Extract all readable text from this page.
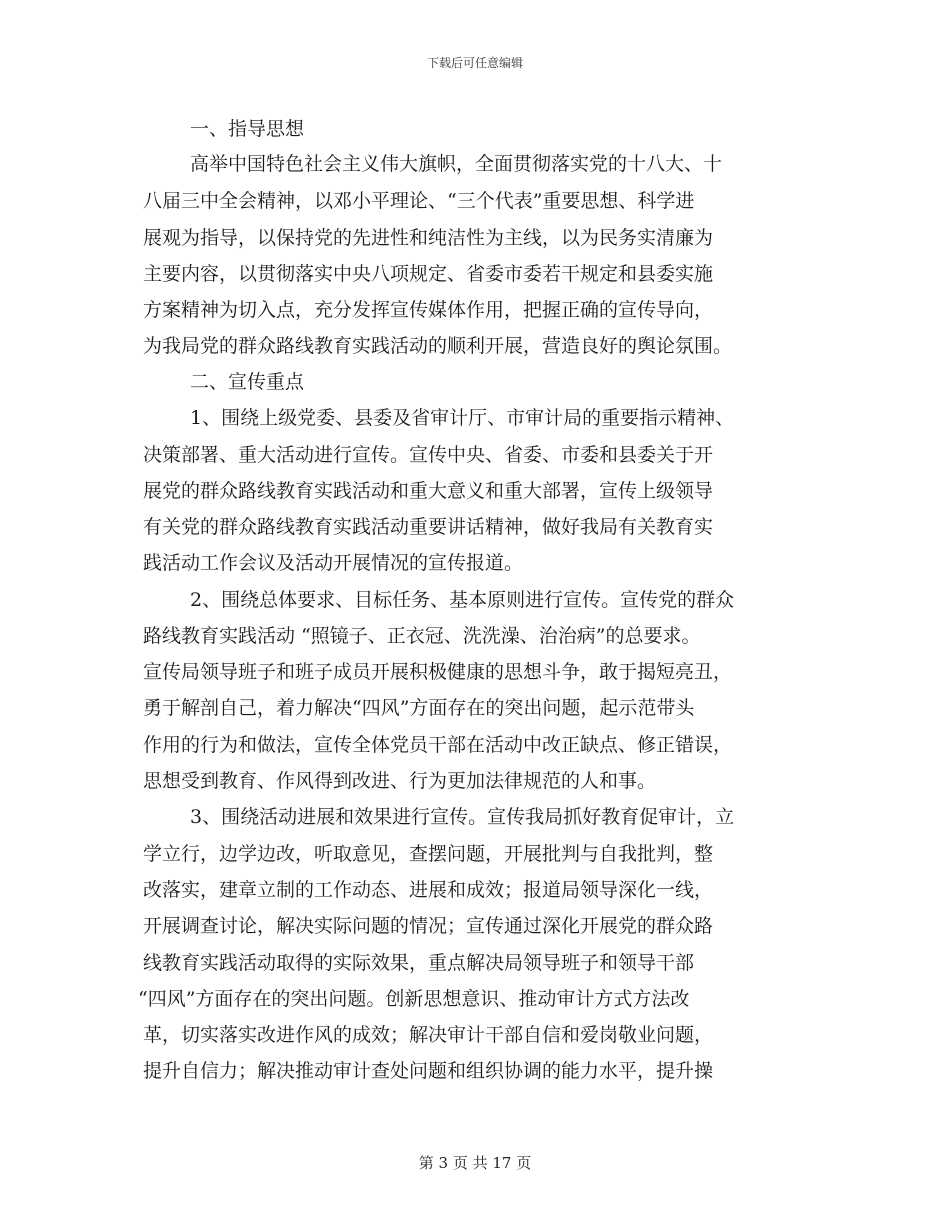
下载后可任意编辑
一、指导思想
高举中国特色社会主义伟大旗帜，全面贯彻落实党的十八大、十
八届三中全会精神，以邓小平理论、“三个代表”重要思想、科学进
展观为指导，以保持党的先进性和纯洁性为主线，以为民务实清廉为
主要内容，以贯彻落实中央八项规定、省委市委若干规定和县委实施
方案精神为切入点，充分发挥宣传媒体作用，把握正确的宣传导向，
为我局党的群众路线教育实践活动的顺利开展，营造良好的舆论氛围。
二、宣传重点
1、围绕上级党委、县委及省审计厅、市审计局的重要指示精神、
决策部署、重大活动进行宣传。宣传中央、省委、市委和县委关于开
展党的群众路线教育实践活动和重大意义和重大部署，宣传上级领导
有关党的群众路线教育实践活动重要讲话精神，做好我局有关教育实
践活动工作会议及活动开展情况的宣传报道。
2、围绕总体要求、目标任务、基本原则进行宣传。宣传党的群众
路线教育实践活动 “照镜子、正衣冠、洗洗澡、治治病”的总要求。
宣传局领导班子和班子成员开展积极健康的思想斗争，敢于揭短亮丑，
勇于解剖自己，着力解决“四风”方面存在的突出问题，起示范带头
作用的行为和做法，宣传全体党员干部在活动中改正缺点、修正错误，
思想受到教育、作风得到改进、行为更加法律规范的人和事。
3、围绕活动进展和效果进行宣传。宣传我局抓好教育促审计，立
学立行，边学边改，听取意见，查摆问题，开展批判与自我批判，整
改落实，建章立制的工作动态、进展和成效；报道局领导深化一线，
开展调查讨论，解决实际问题的情况；宣传通过深化开展党的群众路
线教育实践活动取得的实际效果，重点解决局领导班子和领导干部
“四风”方面存在的突出问题。创新思想意识、推动审计方式方法改
革，切实落实改进作风的成效；解决审计干部自信和爱岗敬业问题，
提升自信力；解决推动审计查处问题和组织协调的能力水平，提升操
第 3 页 共 17 页
